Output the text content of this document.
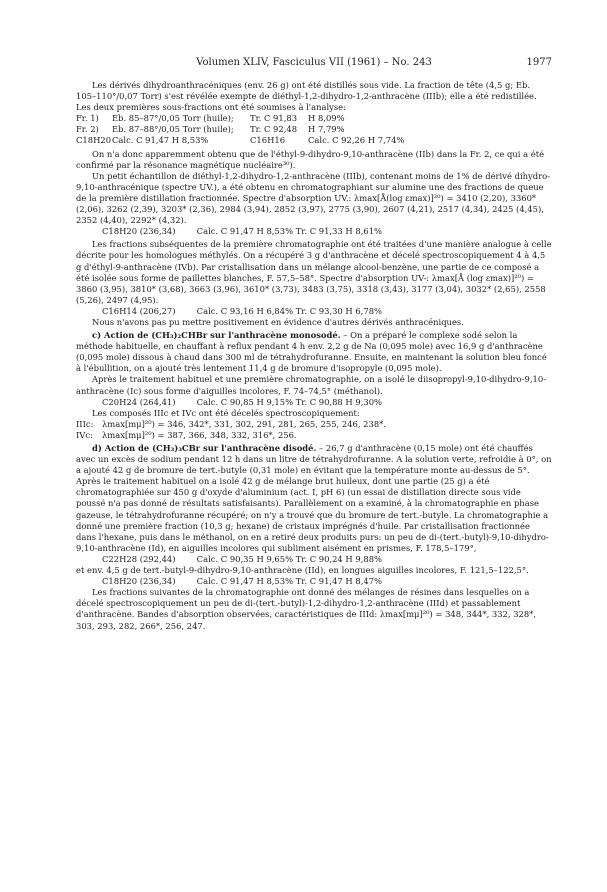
Volumen XLIV, Fasciculus VII (1961) – No. 243	1977

Les dérivés dihydroanthracéniques (env. 26 g) ont été distillés sous vide. La fraction de tête (4,5 g; Eb. 105–110°/0,07 Torr) s'est révélée exempte de diéthyl-1,2-dihydro-1,2-anthracène (IIIb); elle a été redistillée. Les deux premières sous-fractions ont été soumises à l'analyse:

Fr. 1)	Eb. 85–87°/0,05 Torr (huile);	Tr. C 91,83	H 8,09%
Fr. 2)	Eb. 87–88°/0,05 Torr (huile);	Tr. C 92,48	H 7,79%
C18H20 Calc. C 91,47 H 8,53%	C16H16	Calc. C 92,26 H 7,74%

On n'a donc apparemment obtenu que de l'éthyl-9-dihydro-9,10-anthracène (IIb) dans la Fr. 2, ce qui a été confirmé par la résonance magnétique nucléaire³⁰).

Un petit échantillon de diéthyl-1,2-dihydro-1,2-anthracène (IIIb), contenant moins de 1% de dérivé dihydro-9,10-anthracénique (spectre UV.), a été obtenu en chromatographiant sur alumine une des fractions de queue de la première distillation fractionnée. Spectre d'absorption UV.: λmax[Å(log εmax)]²⁰) = 3410 (2,20), 3360* (2,06), 3262 (2,39), 3203* (2,36), 2984 (3,94), 2852 (3,97), 2775 (3,90), 2607 (4,21), 2517 (4,34), 2425 (4,45), 2352 (4,40), 2292* (4,32).

C18H20 (236,34)	Calc. C 91,47 H 8,53% Tr. C 91,33 H 8,61%

Les fractions subséquentes de la première chromatographie ont été traitées d'une manière analogue à celle décrite pour les homologues méthylés. On a récupéré 3 g d'anthracène et décelé spectroscopiquement 4 à 4,5 g d'éthyl-9-anthracène (IVb). Par cristallisation dans un mélange alcool-benzène, une partie de ce composé a été isolée sous forme de paillettes blanches, F. 57,5–58°. Spectre d'absorption UV-: λmax[Å (log εmax)]²⁰) = 3860 (3,95), 3810* (3,68), 3663 (3,96), 3610* (3,73), 3483 (3,75), 3318 (3,43), 3177 (3,04), 3032* (2,65), 2558 (5,26), 2497 (4,95).

C16H14 (206,27)	Calc. C 93,16 H 6,84% Tr. C 93,30 H 6,78%

Nous n'avons pas pu mettre positivement en évidence d'autres dérivés anthracéniques.

c) Action de (CH₃)₂CHBr sur l'anthracène monosodé. – On a préparé le complexe sodé selon la méthode habituelle, en chauffant à reflux pendant 4 h env. 2,2 g de Na (0,095 mole) avec 16,9 g d'anthracène (0,095 mole) dissous à chaud dans 300 ml de tétrahydrofuranne. Ensuite, en maintenant la solution bleu foncé à l'ébullition, on a ajouté très lentement 11,4 g de bromure d'isopropyle (0,095 mole).

Après le traitement habituel et une première chromatographie, on a isolé le diisopropyl-9,10-dihydro-9,10-anthracène (Ic) sous forme d'aiguilles incolores, F. 74–74,5° (méthanol).

C20H24 (264,41)	Calc. C 90,85 H 9,15% Tr. C 90,88 H 9,30%

Les composés IIIc et IVc ont été décelés spectroscopiquement:

IIIc:	λmax[mμ]²⁰) = 346, 342*, 331, 302, 291, 281, 265, 255, 246, 238*.
IVc:	λmax[mμ]²⁰) = 387, 366, 348, 332, 316*, 256.

d) Action de (CH₃)₃CBr sur l'anthracène disodé. – 26,7 g d'anthracène (0,15 mole) ont été chauffés avec un excès de sodium pendant 12 h dans un litre de tétrahydrofuranne. A la solution verte, refroidie à 0°, on a ajouté 42 g de bromure de tert.-butyle (0,31 mole) en évitant que la température monte au-dessus de 5°. Après le traitement habituel on a isolé 42 g de mélange brut huileux, dont une partie (25 g) a été chromatographiée sur 450 g d'oxyde d'aluminium (act. I, pH 6) (un essai de distillation directe sous vide poussé n'a pas donné de résultats satisfaisants). Parallèlement on a examiné, à la chromatographie en phase gazeuse, le tétrahydrofuranne récupéré; on n'y a trouvé que du bromure de tert.-butyle. La chromatographie a donné une première fraction (10,3 g; hexane) de cristaux imprégnés d'huile. Par cristallisation fractionnée dans l'hexane, puis dans le méthanol, on en a retiré deux produits purs: un peu de di-(tert.-butyl)-9,10-dihydro-9,10-anthracène (Id), en aiguilles incolores qui subliment aisément en prismes, F. 178,5–179°,

C22H28 (292,44)	Calc. C 90,35 H 9,65% Tr. C 90,24 H 9,88%

et env. 4,5 g de tert.-butyl-9-dihydro-9,10-anthracène (IId), en longues aiguilles incolores, F. 121,5–122,5°.

C18H20 (236,34)	Calc. C 91,47 H 8,53% Tr. C 91,47 H 8,47%

Les fractions suivantes de la chromatographie ont donné des mélanges de résines dans lesquelles on a décelé spectroscopiquement un peu de di-(tert.-butyl)-1,2-dihydro-1,2-anthracène (IIId) et passablement d'anthracène. Bandes d'absorption observées, caractéristiques de IIId: λmax[mμ]²⁰) = 348, 344*, 332, 328*, 303, 293, 282, 266*, 256, 247.
